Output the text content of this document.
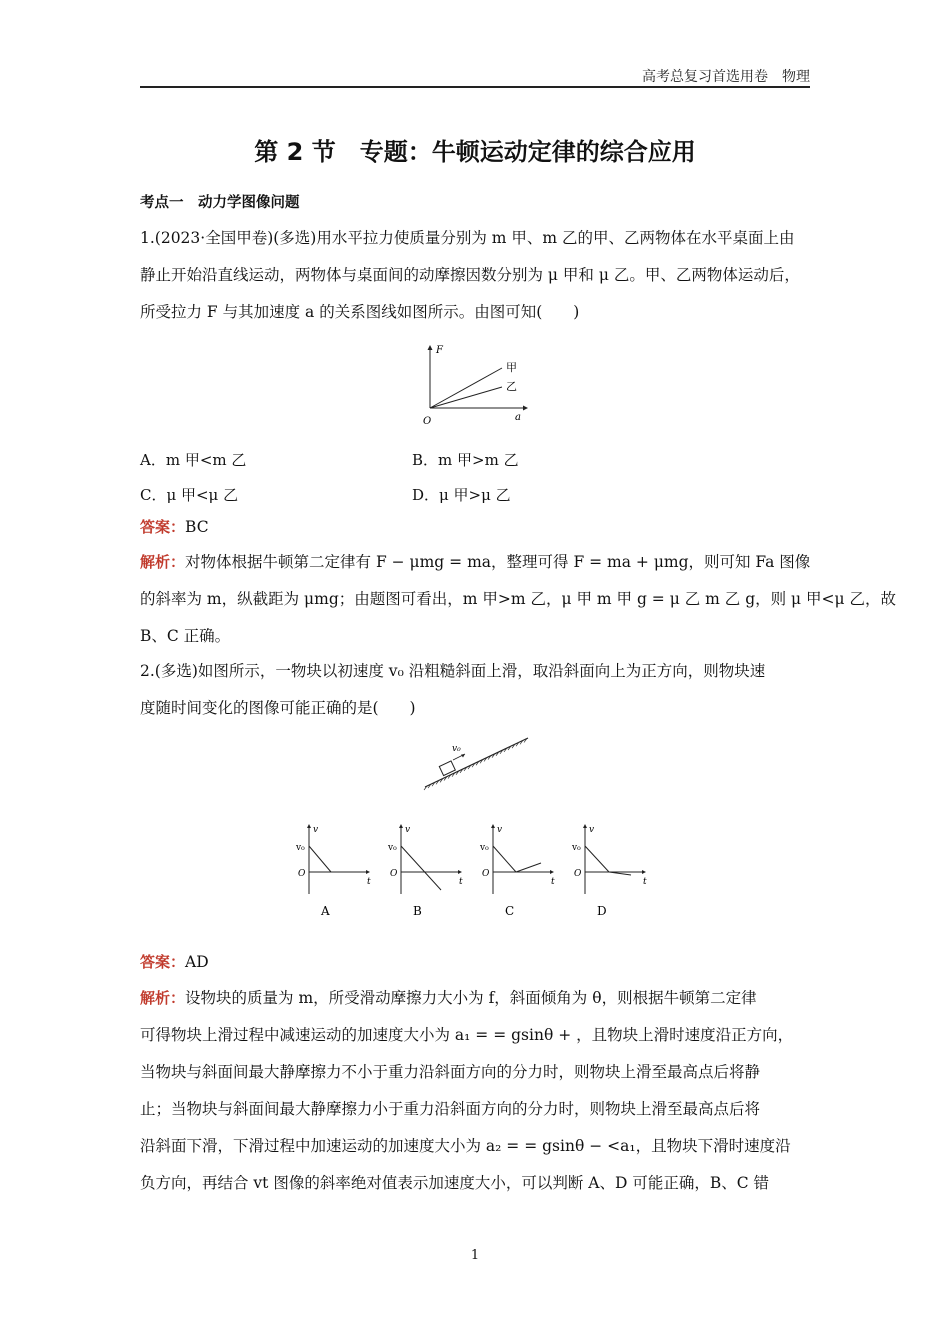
高考总复习首选用卷　物理
第 2 节　专题：牛顿运动定律的综合应用
考点一　动力学图像问题
1.(2023·全国甲卷)(多选)用水平拉力使质量分别为 m 甲、m 乙的甲、乙两物体在水平桌面上由
静止开始沿直线运动，两物体与桌面间的动摩擦因数分别为 μ 甲和 μ 乙。甲、乙两物体运动后，
所受拉力 F 与其加速度 a 的关系图线如图所示。由图可知(　　)
F
a
O
甲
乙
A．m 甲<m 乙	B．m 甲>m 乙
C．μ 甲<μ 乙	D．μ 甲>μ 乙
答案：BC
解析：对物体根据牛顿第二定律有 F − μmg = ma，整理可得 F = ma + μmg，则可知 Fa 图像
的斜率为 m，纵截距为 μmg；由题图可看出，m 甲>m 乙，μ 甲 m 甲 g = μ 乙 m 乙 g，则 μ 甲<μ 乙，故
B、C 正确。
2.(多选)如图所示，一物块以初速度 v₀ 沿粗糙斜面上滑，取沿斜面向上为正方向，则物块速
度随时间变化的图像可能正确的是(　　)
v₀
v
t
v₀
O
A
v
t
v₀
O
B
v
t
v₀
O
C
v
t
v₀
O
D
答案：AD
解析：设物块的质量为 m，所受滑动摩擦力大小为 f，斜面倾角为 θ，则根据牛顿第二定律
可得物块上滑过程中减速运动的加速度大小为 a₁ = = gsinθ + ，且物块上滑时速度沿正方向，
当物块与斜面间最大静摩擦力不小于重力沿斜面方向的分力时，则物块上滑至最高点后将静
止；当物块与斜面间最大静摩擦力小于重力沿斜面方向的分力时，则物块上滑至最高点后将
沿斜面下滑，下滑过程中加速运动的加速度大小为 a₂ = = gsinθ − <a₁，且物块下滑时速度沿
负方向，再结合 vt 图像的斜率绝对值表示加速度大小，可以判断 A、D 可能正确，B、C 错
1
